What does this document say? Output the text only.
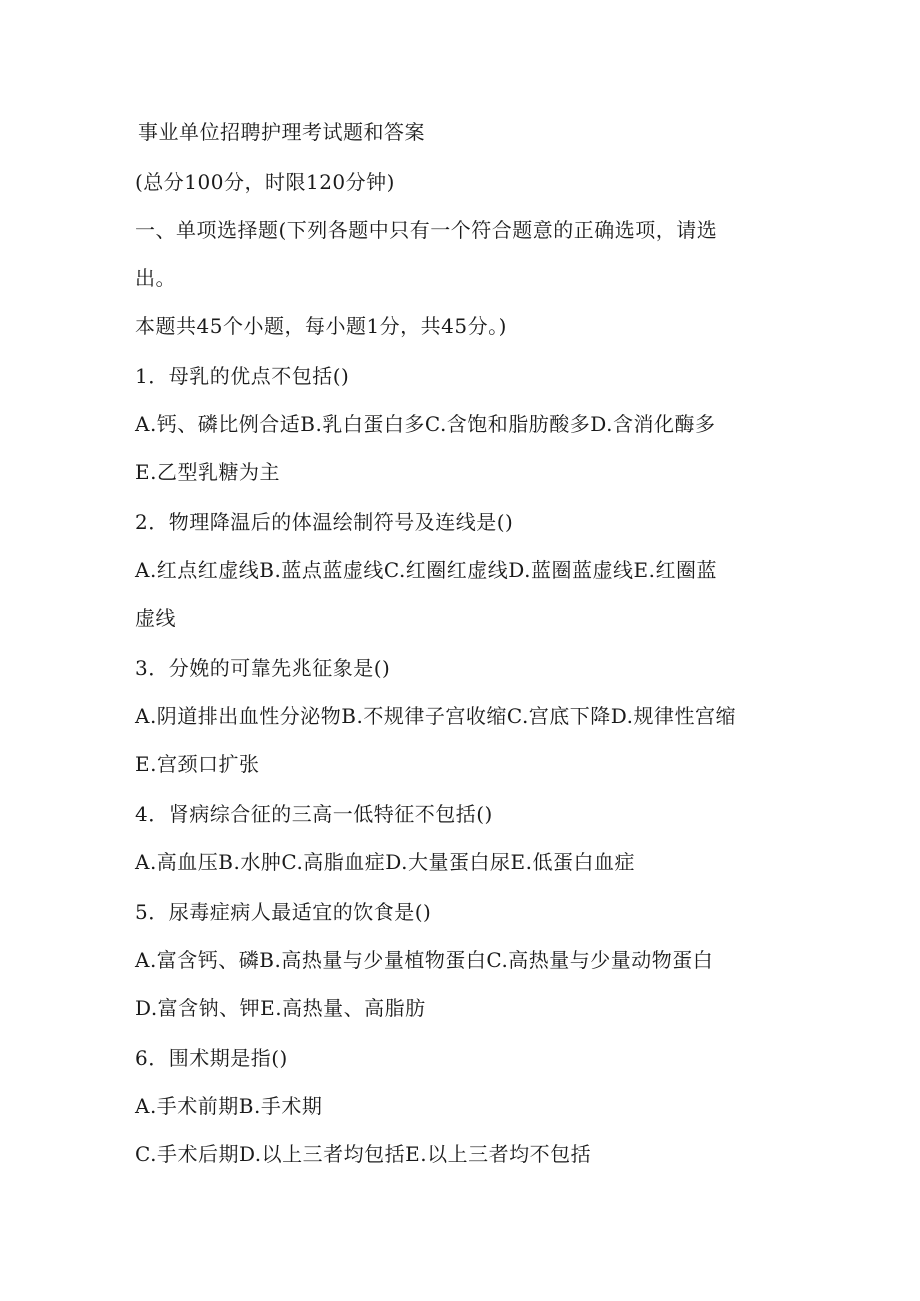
事业单位招聘护理考试题和答案
(总分100分，时限120分钟)
一、单项选择题(下列各题中只有一个符合题意的正确选项，请选
出。
本题共45个小题，每小题1分，共45分。)
1．母乳的优点不包括()
A.钙、磷比例合适B.乳白蛋白多C.含饱和脂肪酸多D.含消化酶多
E.乙型乳糖为主
2．物理降温后的体温绘制符号及连线是()
A.红点红虚线B.蓝点蓝虚线C.红圈红虚线D.蓝圈蓝虚线E.红圈蓝
虚线
3．分娩的可靠先兆征象是()
A.阴道排出血性分泌物B.不规律子宫收缩C.宫底下降D.规律性宫缩
E.宫颈口扩张
4．肾病综合征的三高一低特征不包括()
A.高血压B.水肿C.高脂血症D.大量蛋白尿E.低蛋白血症
5．尿毒症病人最适宜的饮食是()
A.富含钙、磷B.高热量与少量植物蛋白C.高热量与少量动物蛋白
D.富含钠、钾E.高热量、高脂肪
6．围术期是指()
A.手术前期B.手术期
C.手术后期D.以上三者均包括E.以上三者均不包括
